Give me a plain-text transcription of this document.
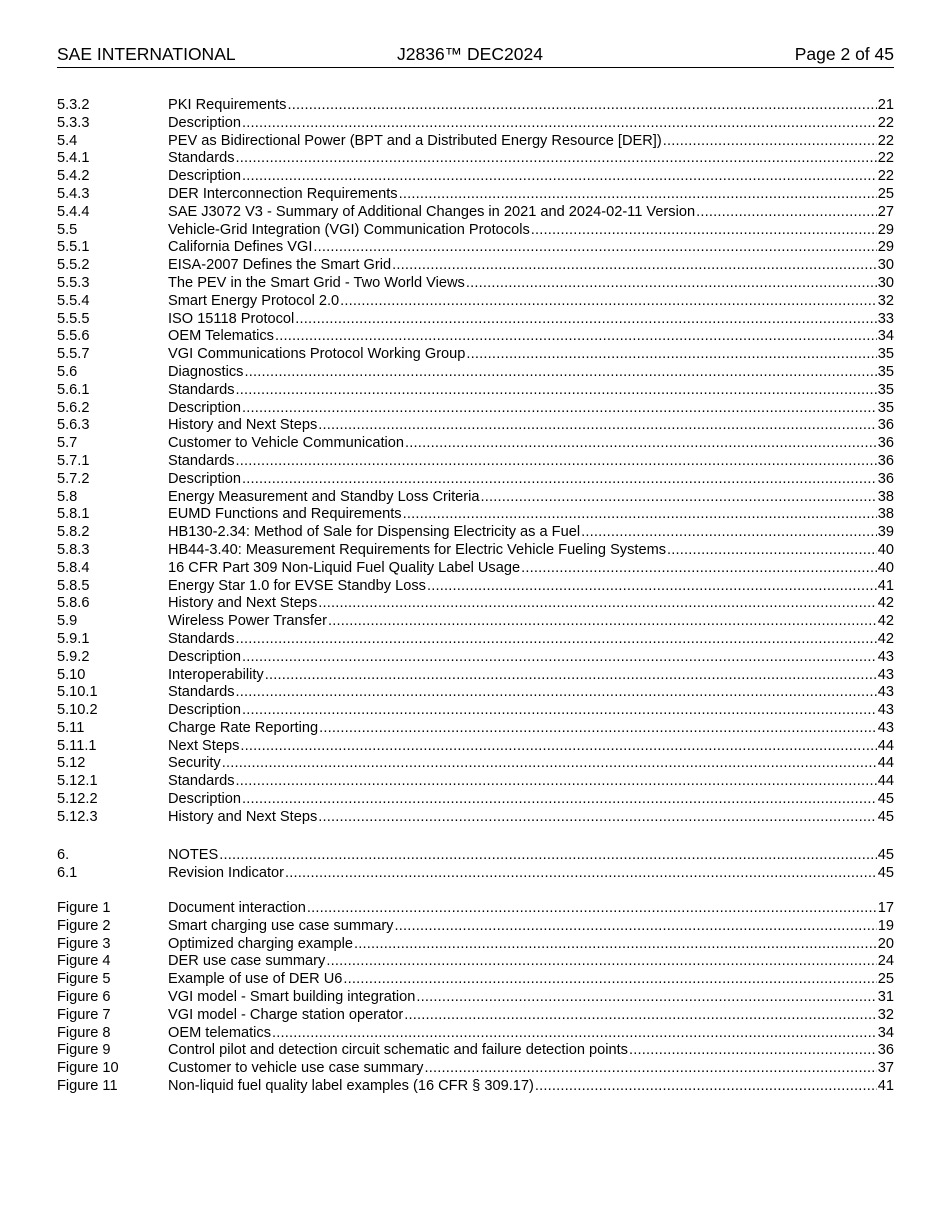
SAE INTERNATIONAL	J2836™ DEC2024	Page 2 of 45
5.3.2	PKI Requirements .....	21
5.3.3	Description .....	22
5.4	PEV as Bidirectional Power (BPT and a Distributed Energy Resource [DER]) .....	22
5.4.1	Standards .....	22
5.4.2	Description .....	22
5.4.3	DER Interconnection Requirements .....	25
5.4.4	SAE J3072 V3 - Summary of Additional Changes in 2021 and 2024-02-11 Version .....	27
5.5	Vehicle-Grid Integration (VGI) Communication Protocols .....	29
5.5.1	California Defines VGI .....	29
5.5.2	EISA-2007 Defines the Smart Grid .....	30
5.5.3	The PEV in the Smart Grid - Two World Views .....	30
5.5.4	Smart Energy Protocol 2.0 .....	32
5.5.5	ISO 15118 Protocol .....	33
5.5.6	OEM Telematics .....	34
5.5.7	VGI Communications Protocol Working Group .....	35
5.6	Diagnostics .....	35
5.6.1	Standards .....	35
5.6.2	Description .....	35
5.6.3	History and Next Steps .....	36
5.7	Customer to Vehicle Communication .....	36
5.7.1	Standards .....	36
5.7.2	Description .....	36
5.8	Energy Measurement and Standby Loss Criteria .....	38
5.8.1	EUMD Functions and Requirements .....	38
5.8.2	HB130-2.34: Method of Sale for Dispensing Electricity as a Fuel .....	39
5.8.3	HB44-3.40: Measurement Requirements for Electric Vehicle Fueling Systems .....	40
5.8.4	16 CFR Part 309 Non-Liquid Fuel Quality Label Usage .....	40
5.8.5	Energy Star 1.0 for EVSE Standby Loss .....	41
5.8.6	History and Next Steps .....	42
5.9	Wireless Power Transfer .....	42
5.9.1	Standards .....	42
5.9.2	Description .....	43
5.10	Interoperability .....	43
5.10.1	Standards .....	43
5.10.2	Description .....	43
5.11	Charge Rate Reporting .....	43
5.11.1	Next Steps .....	44
5.12	Security .....	44
5.12.1	Standards .....	44
5.12.2	Description .....	45
5.12.3	History and Next Steps .....	45
6.	NOTES .....	45
6.1	Revision Indicator .....	45
Figure 1	Document interaction .....	17
Figure 2	Smart charging use case summary .....	19
Figure 3	Optimized charging example .....	20
Figure 4	DER use case summary .....	24
Figure 5	Example of use of DER U6 .....	25
Figure 6	VGI model - Smart building integration .....	31
Figure 7	VGI model - Charge station operator .....	32
Figure 8	OEM telematics .....	34
Figure 9	Control pilot and detection circuit schematic and failure detection points .....	36
Figure 10	Customer to vehicle use case summary .....	37
Figure 11	Non-liquid fuel quality label examples (16 CFR § 309.17) .....	41
